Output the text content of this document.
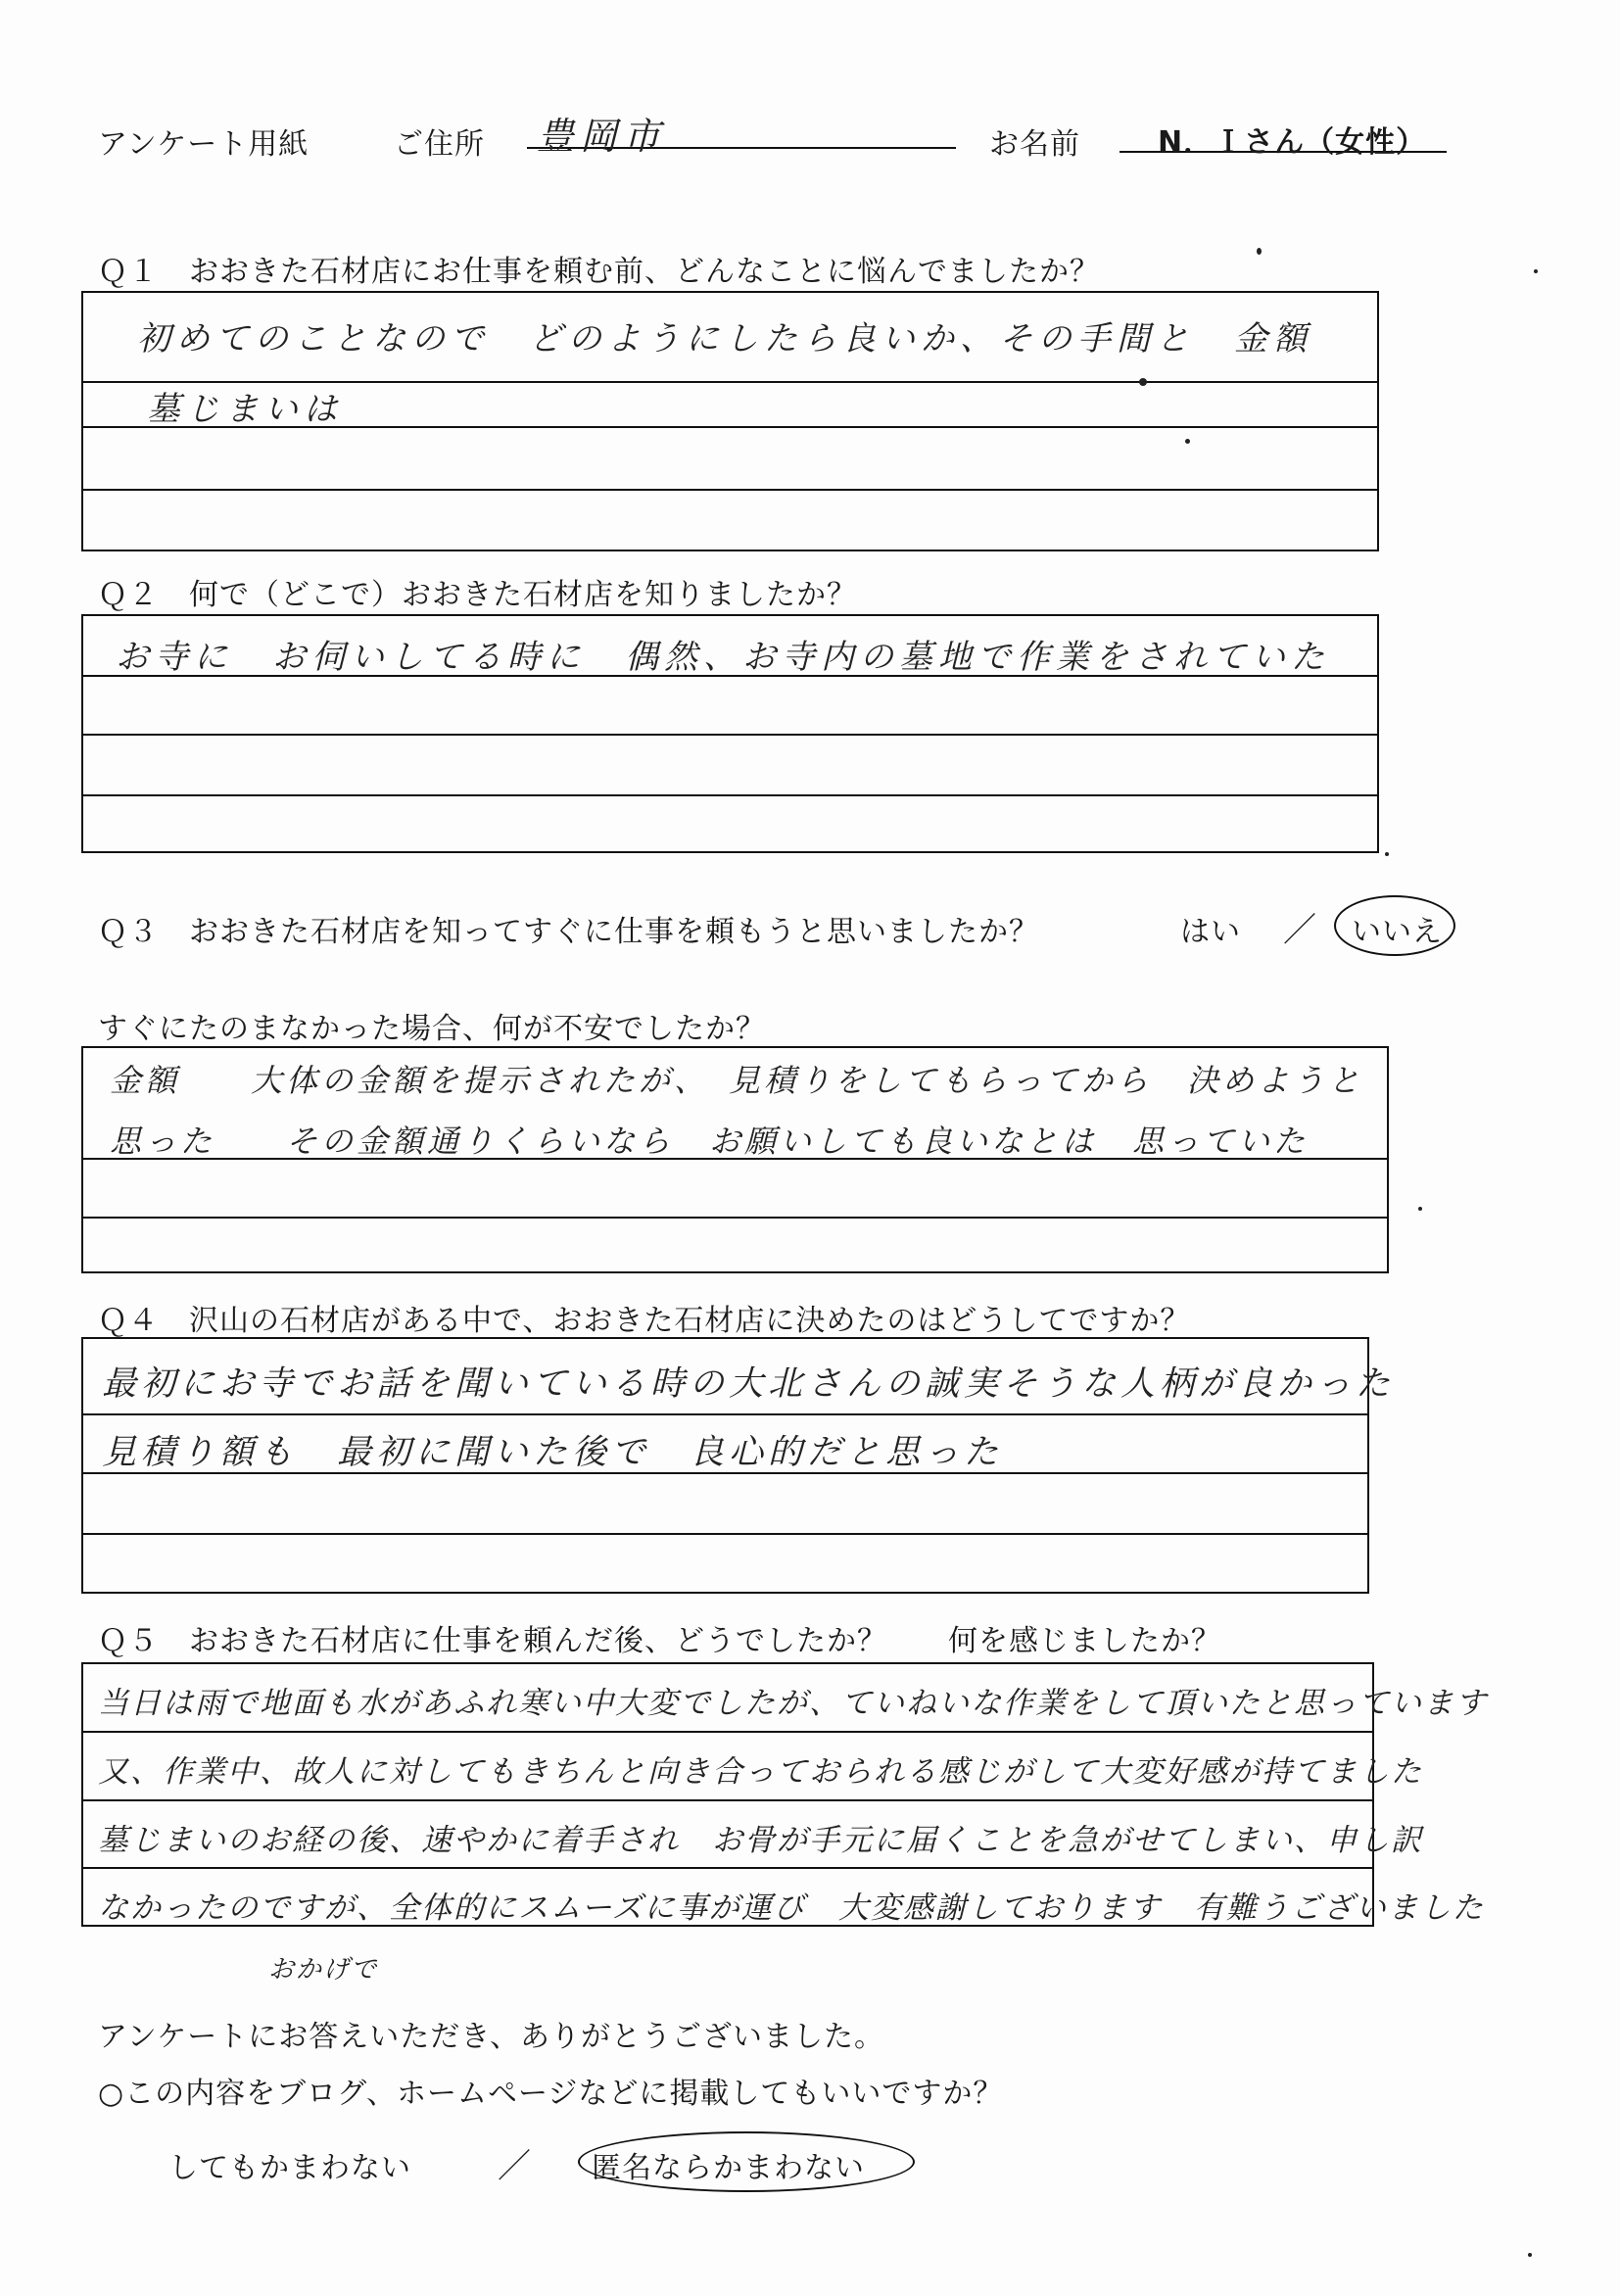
アンケート用紙	ご住所 豊岡市	お名前	N．Ｉさん（女性）
Ｑ１　おおきた石材店にお仕事を頼む前、どんなことに悩んでましたか？
初めてのことなので　どのようにしたら良いか、その手間と　金額
墓じまいは
Ｑ２　何で（どこで）おおきた石材店を知りましたか？
お寺に　お伺いしてる時に　偶然、お寺内の墓地で作業をされていた
Ｑ３　おおきた石材店を知ってすぐに仕事を頼もうと思いましたか？	はい ／ いいえ
すぐにたのまなかった場合、何が不安でしたか？
金額　　大体の金額を提示されたが、　見積りをしてもらってから　決めようと
思った　　その金額通りくらいなら　お願いしても良いなとは　思っていた
Ｑ４　沢山の石材店がある中で、おおきた石材店に決めたのはどうしてですか？
最初にお寺でお話を聞いている時の大北さんの誠実そうな人柄が良かった
見積り額も　最初に聞いた後で　良心的だと思った
Ｑ５　おおきた石材店に仕事を頼んだ後、どうでしたか？　　何を感じましたか？
当日は雨で地面も水があふれ寒い中大変でしたが、ていねいな作業をして頂いたと思っています
又、作業中、故人に対してもきちんと向き合っておられる感じがして大変好感が持てました
墓じまいのお経の後、速やかに着手され　お骨が手元に届くことを急がせてしまい、申し訳
なかったのですが、全体的にスムーズに事が運び　大変感謝しております　有難うございました
おかげで
アンケートにお答えいただき、ありがとうございました。
○この内容をブログ、ホームページなどに掲載してもいいですか？
してもかまわない	／ 匿名ならかまわない
